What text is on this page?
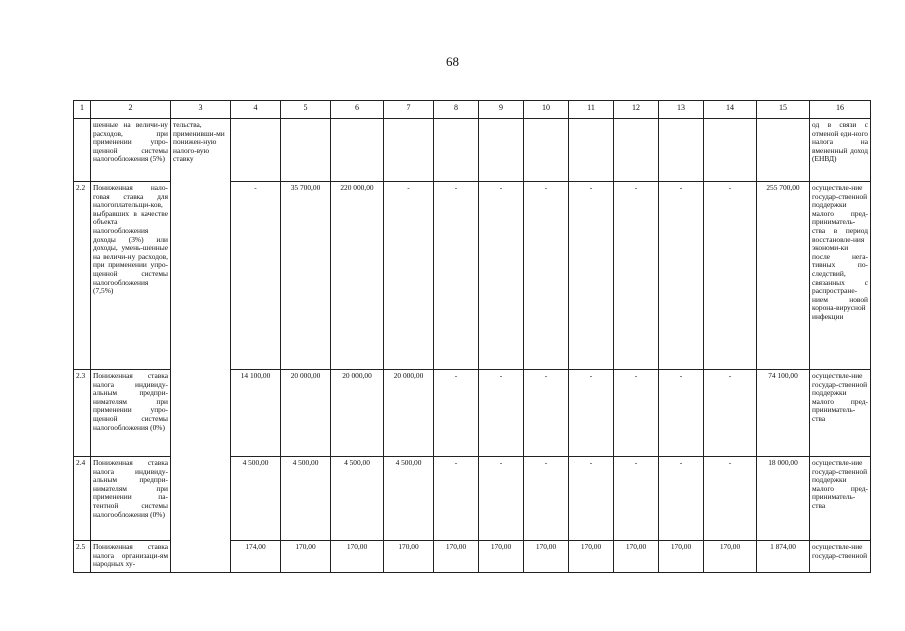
68
1	2	3	4	5	6	7	8	9	10	11	12	13	14	15	16
	шенные на величи-ну расходов, при применении упро-щенной системы налогообложения (5%)	тельства, применивши-ми понижен-ную налого-вую ставку													од в связи с отменой еди-ного налога на вмененный доход (ЕНВД)
2.2	Пониженная нало-говая ставка для налогоплательщи-ков, выбравших в качестве объекта налогообложения доходы (3%) или доходы, умень-шенные на величи-ну расходов, при применении упро-щенной системы налогообложения (7,5%)		-	35 700,00	220 000,00	-	-	-	-	-	-	-	-	255 700,00	осуществле-ние государ-ственной поддержки малого пред-приниматель-ства в период восстановле-ния экономи-ки после нега-тивных по-следствий, связанных с распростране-нием новой корона-вирусной инфекции
2.3	Пониженная ставка налога индивиду-альным предпри-нимателям при применении упро-щенной системы налогообложения (0%)		14 100,00	20 000,00	20 000,00	20 000,00	-	-	-	-	-	-	-	74 100,00	осуществле-ние государ-ственной поддержки малого пред-приниматель-ства
2.4	Пониженная ставка налога индивиду-альным предпри-нимателям при применении па-тентной системы налогообложения (0%)		4 500,00	4 500,00	4 500,00	4 500,00	-	-	-	-	-	-	-	18 000,00	осуществле-ние государ-ственной поддержки малого пред-приниматель-ства
2.5	Пониженная ставка налога организаци-ям народных ху-		174,00	170,00	170,00	170,00	170,00	170,00	170,00	170,00	170,00	170,00	170,00	1 874,00	осуществле-ние государ-ственной
